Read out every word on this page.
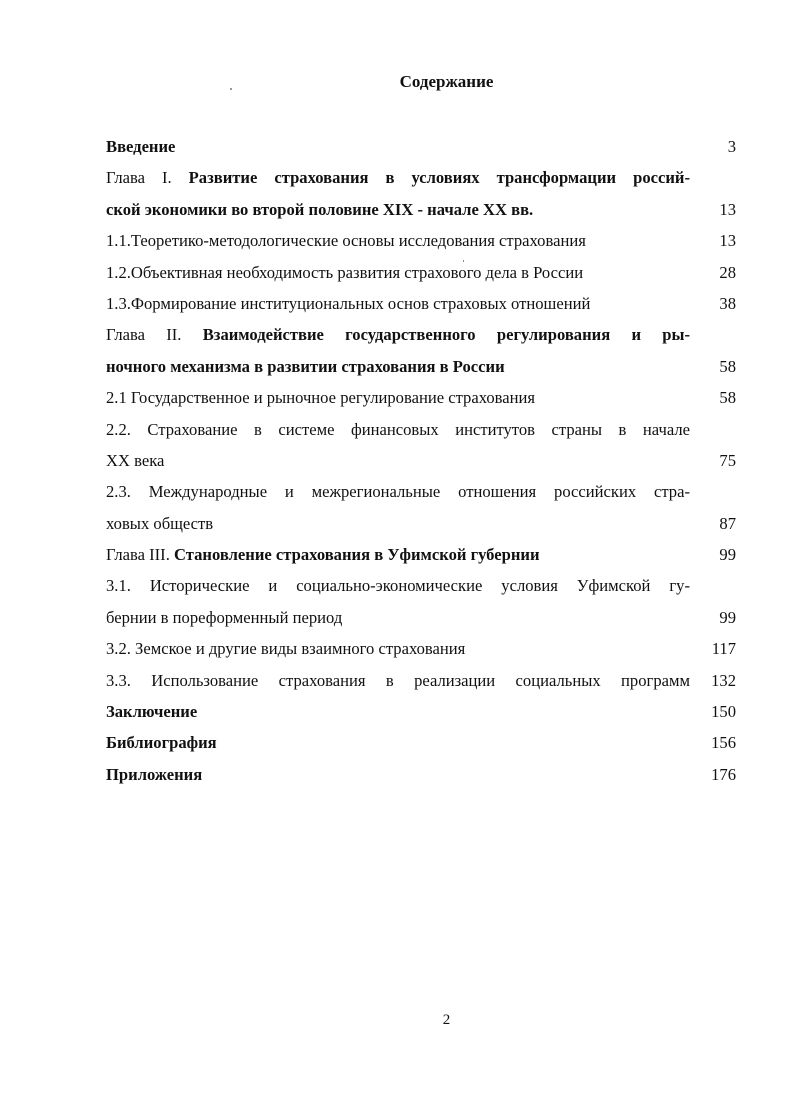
Содержание
Введение	3
Глава I. Развитие страхования в условиях трансформации россий-
ской экономики во второй половине XIX - начале XX вв.	13
1.1.Теоретико-методологические основы исследования страхования	13
1.2.Объективная необходимость развития страхового дела в России	28
1.3.Формирование институциональных основ страховых отношений	38
Глава II. Взаимодействие государственного регулирования и ры-
ночного механизма в развитии страхования в России	58
2.1 Государственное и рыночное регулирование страхования	58
2.2. Страхование в системе финансовых институтов страны в начале
XX века	75
2.3. Международные и межрегиональные отношения российских стра-
ховых обществ	87
Глава III. Становление страхования в Уфимской губернии	99
3.1. Исторические и социально-экономические условия Уфимской гу-
бернии в пореформенный период	99
3.2. Земское и другие виды взаимного страхования	117
3.3. Использование страхования в реализации социальных программ 132
Заключение	150
Библиография	156
Приложения	176
2
